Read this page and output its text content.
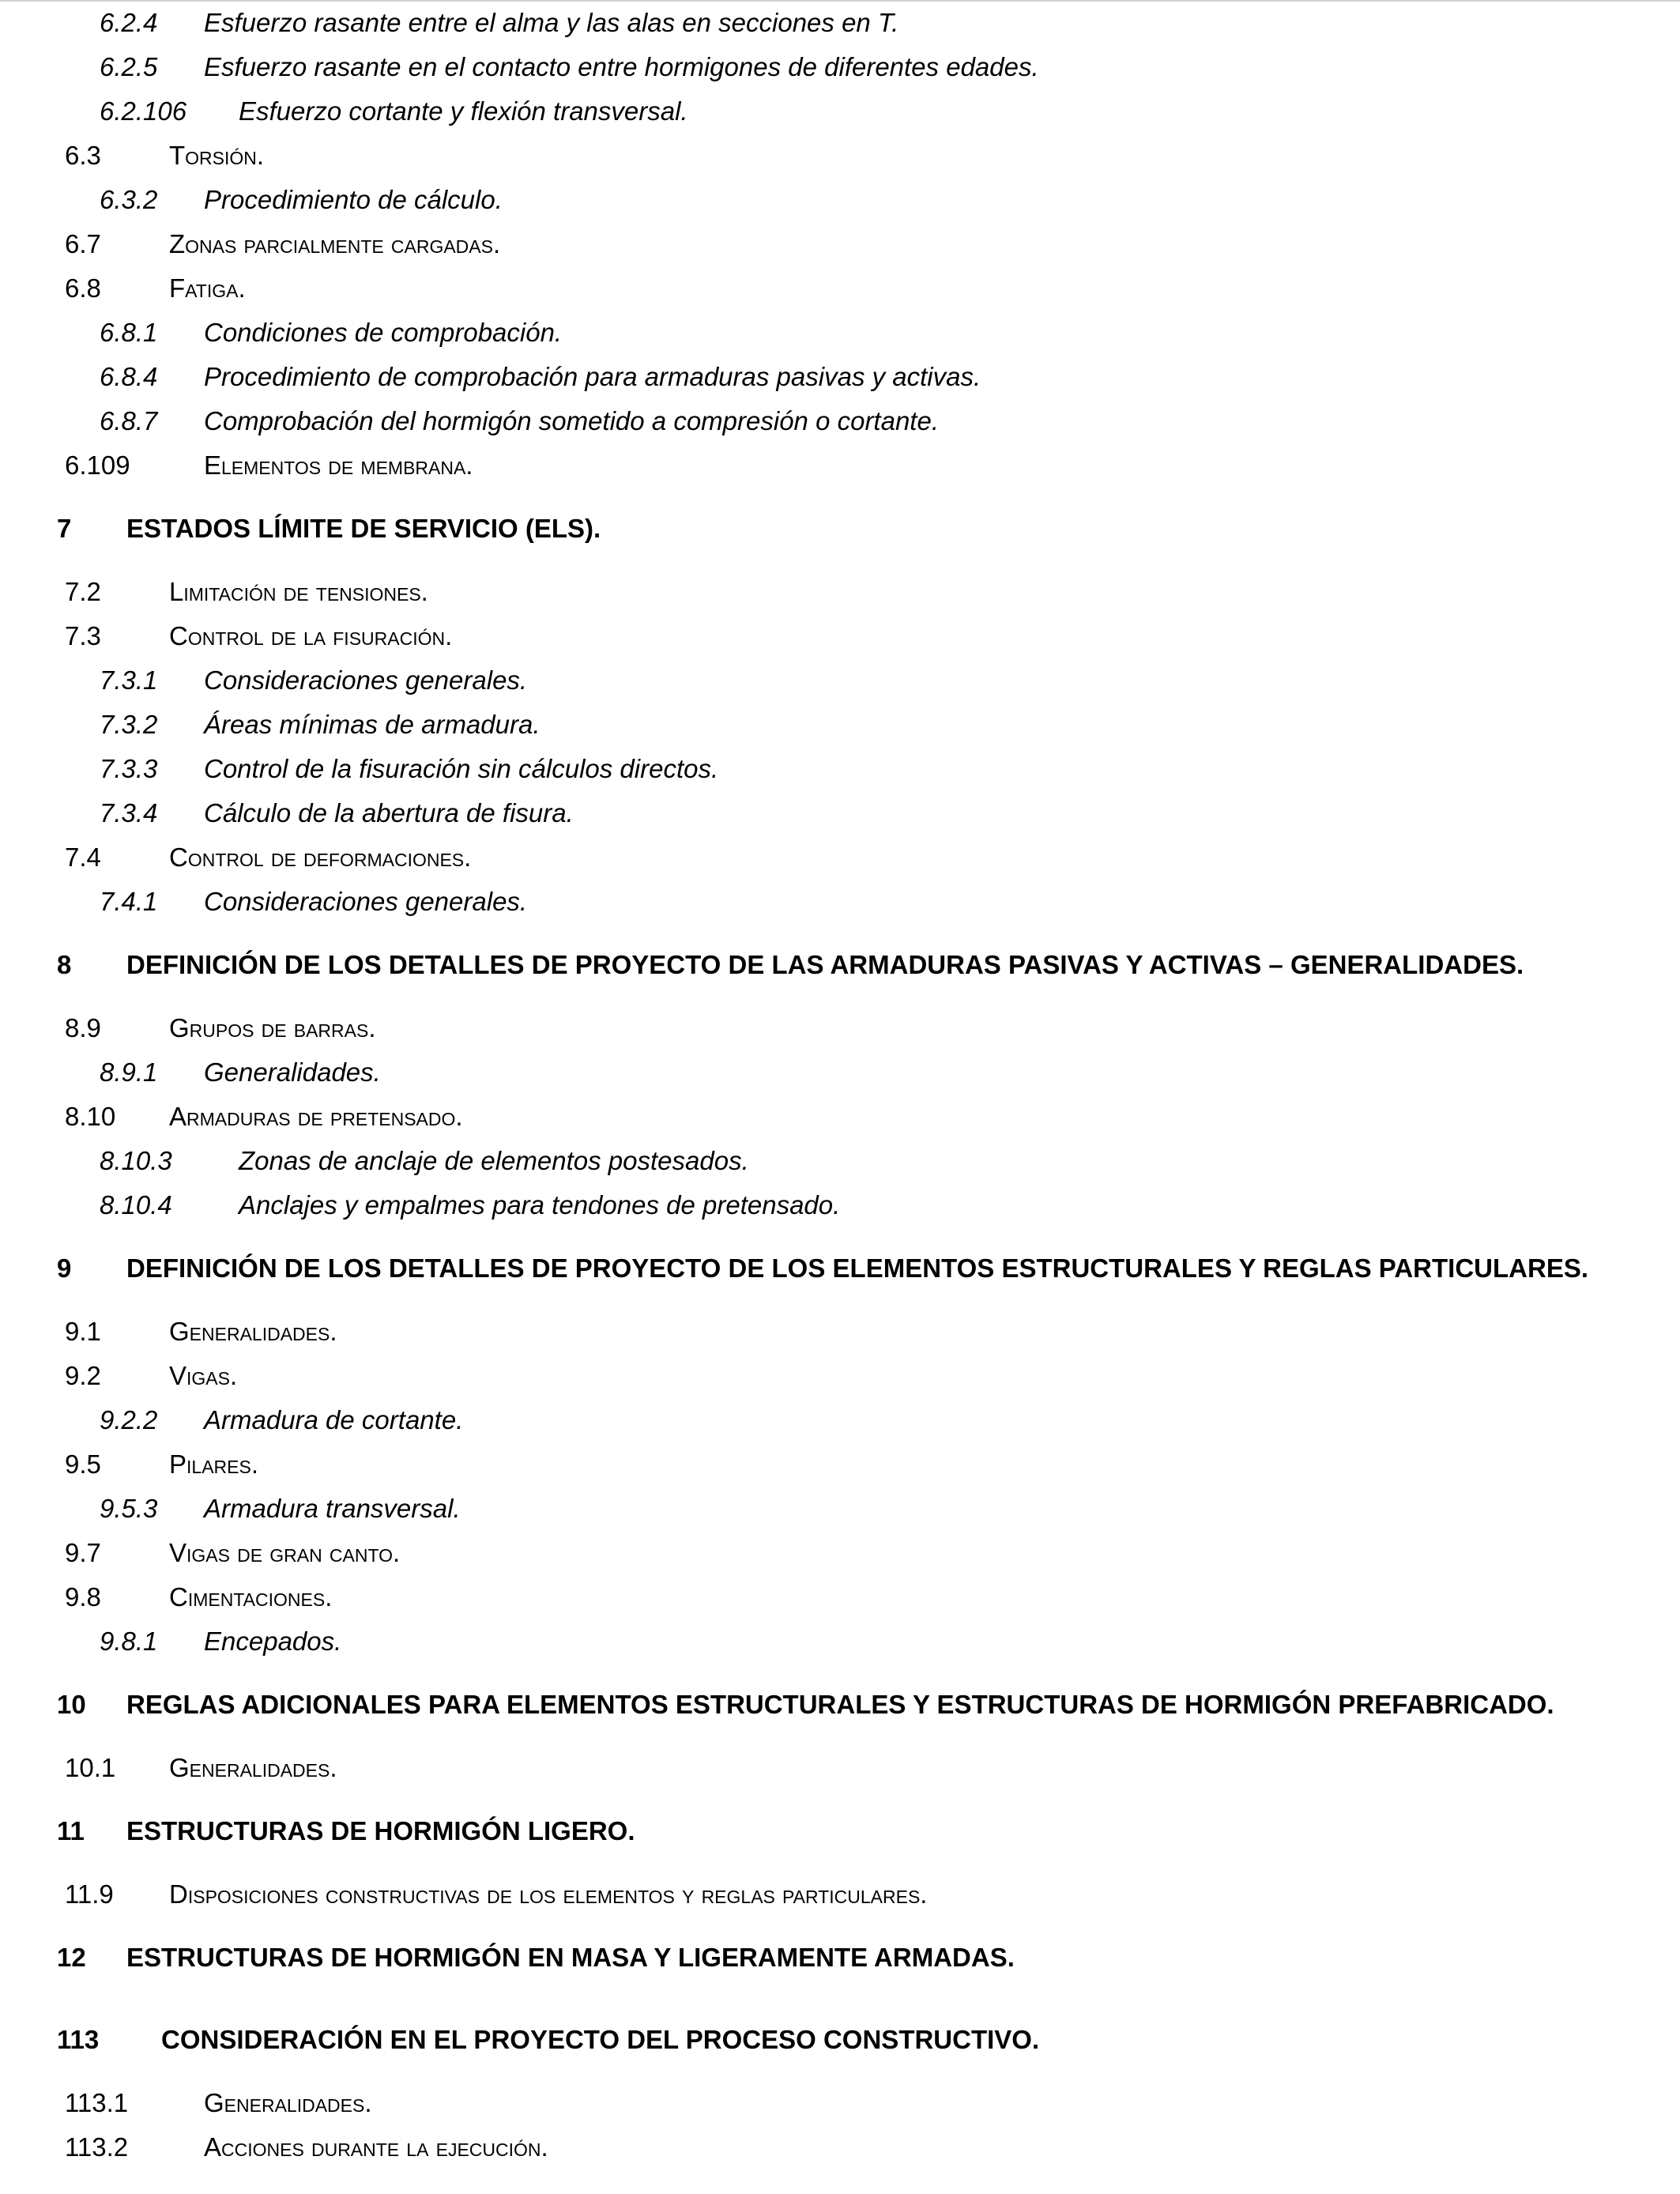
6.2.4 Esfuerzo rasante entre el alma y las alas en secciones en T.
6.2.5 Esfuerzo rasante en el contacto entre hormigones de diferentes edades.
6.2.106 Esfuerzo cortante y flexión transversal.
6.3	Torsión.
6.3.2 Procedimiento de cálculo.
6.7	Zonas parcialmente cargadas.
6.8	Fatiga.
6.8.1 Condiciones de comprobación.
6.8.4 Procedimiento de comprobación para armaduras pasivas y activas.
6.8.7 Comprobación del hormigón sometido a compresión o cortante.
6.109	Elementos de membrana.
7 ESTADOS LÍMITE DE SERVICIO (ELS).
7.2	Limitación de tensiones.
7.3	Control de la fisuración.
7.3.1 Consideraciones generales.
7.3.2 Áreas mínimas de armadura.
7.3.3 Control de la fisuración sin cálculos directos.
7.3.4 Cálculo de la abertura de fisura.
7.4	Control de deformaciones.
7.4.1 Consideraciones generales.
8 DEFINICIÓN DE LOS DETALLES DE PROYECTO DE LAS ARMADURAS PASIVAS Y ACTIVAS – GENERALIDADES.
8.9	Grupos de barras.
8.9.1 Generalidades.
8.10 Armaduras de pretensado.
8.10.3	Zonas de anclaje de elementos postesados.
8.10.4	Anclajes y empalmes para tendones de pretensado.
9 DEFINICIÓN DE LOS DETALLES DE PROYECTO DE LOS ELEMENTOS ESTRUCTURALES Y REGLAS PARTICULARES.
9.1	Generalidades.
9.2	Vigas.
9.2.2 Armadura de cortante.
9.5	Pilares.
9.5.3 Armadura transversal.
9.7	Vigas de gran canto.
9.8	Cimentaciones.
9.8.1 Encepados.
10 REGLAS ADICIONALES PARA ELEMENTOS ESTRUCTURALES Y ESTRUCTURAS DE HORMIGÓN PREFABRICADO.
10.1 Generalidades.
11 ESTRUCTURAS DE HORMIGÓN LIGERO.
11.9 Disposiciones constructivas de los elementos y reglas particulares.
12 ESTRUCTURAS DE HORMIGÓN EN MASA Y LIGERAMENTE ARMADAS.
113 CONSIDERACIÓN EN EL PROYECTO DEL PROCESO CONSTRUCTIVO.
113.1	Generalidades.
113.2	Acciones durante la ejecución.
